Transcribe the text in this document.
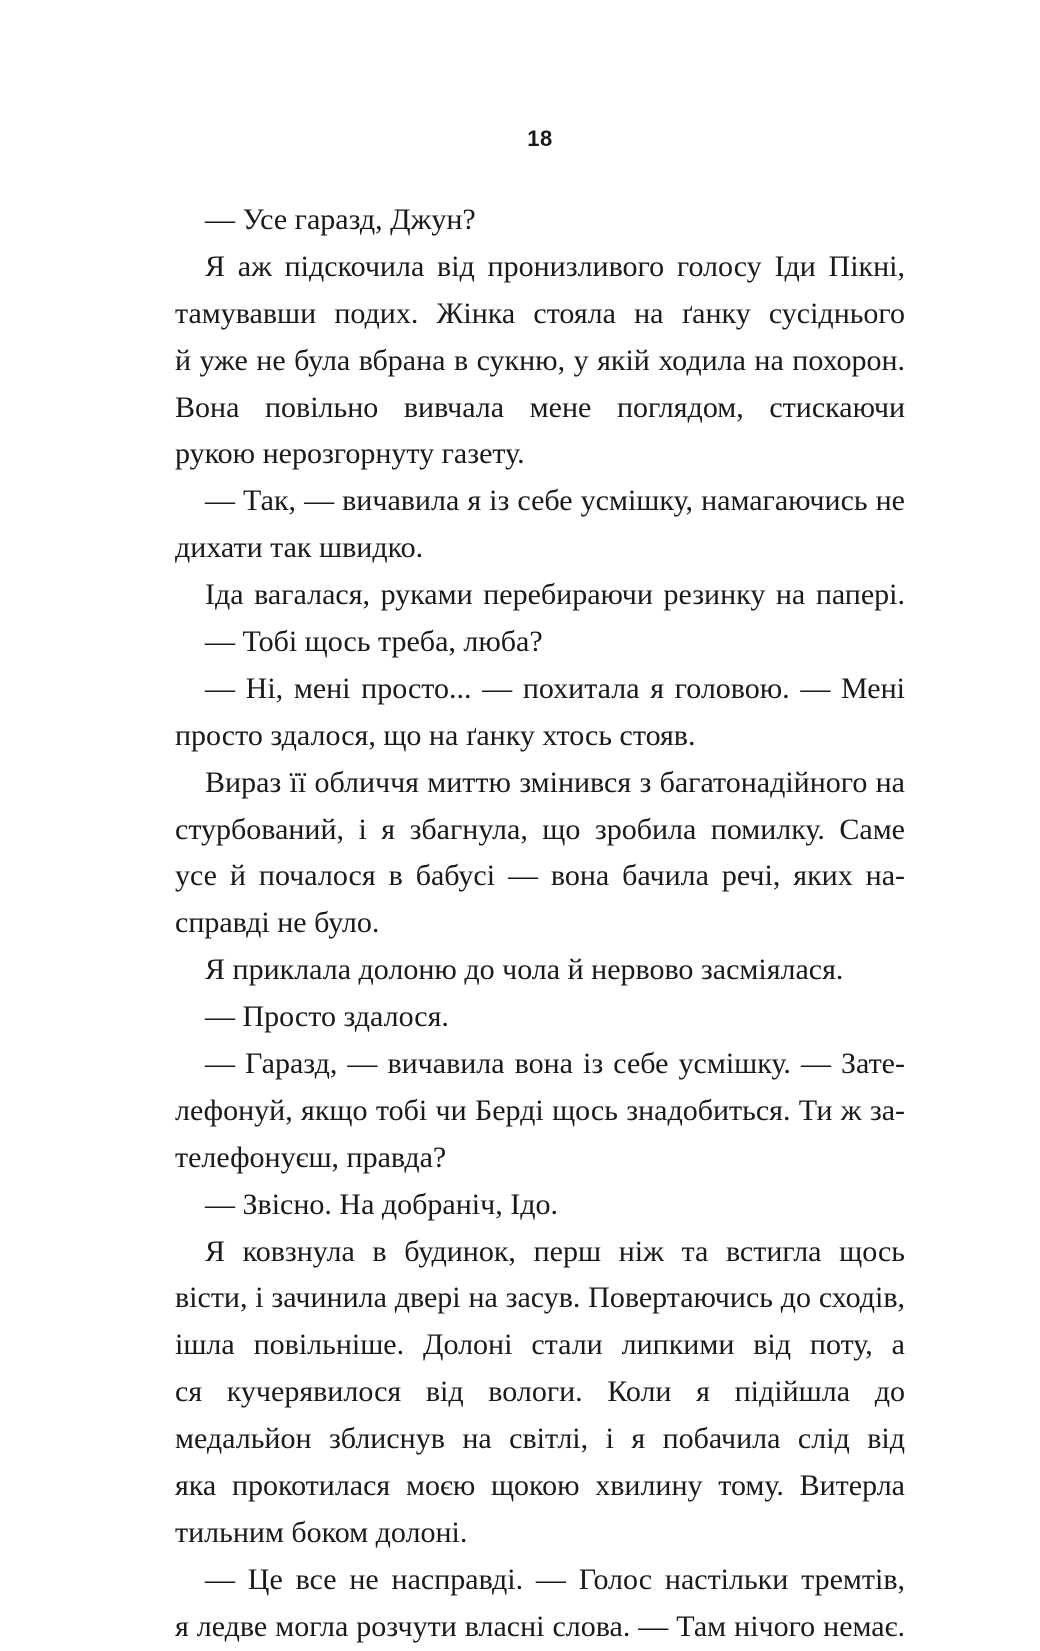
18
— Усе гаразд, Джун?
Я аж підскочила від пронизливого голосу Іди Пікні,
тамувавши подих. Жінка стояла на ґанку сусіднього
й уже не була вбрана в сукню, у якій ходила на похорон.
Вона повільно вивчала мене поглядом, стискаючи
рукою нерозгорнуту газету.
— Так, — вичавила я із себе усмішку, намагаючись не
дихати так швидко.
Іда вагалася, руками перебираючи резинку на папері.
— Тобі щось треба, люба?
— Ні, мені просто... — похитала я головою. — Мені
просто здалося, що на ґанку хтось стояв.
Вираз її обличчя миттю змінився з багатонадійного на
стурбований, і я збагнула, що зробила помилку. Саме
усе й почалося в бабусі — вона бачила речі, яких на-
справді не було.
Я приклала долоню до чола й нервово засміялася.
— Просто здалося.
— Гаразд, — вичавила вона із себе усмішку. — Зате-
лефонуй, якщо тобі чи Берді щось знадобиться. Ти ж за-
телефонуєш, правда?
— Звісно. На добраніч, Ідо.
Я ковзнула в будинок, перш ніж та встигла щось
вісти, і зачинила двері на засув. Повертаючись до сходів,
ішла повільніше. Долоні стали липкими від поту, а
ся кучерявилося від вологи. Коли я підійшла до
медальйон зблиснув на світлі, і я побачила слід від
яка прокотилася моєю щокою хвилину тому. Витерла
тильним боком долоні.
— Це все не насправді. — Голос настільки тремтів,
я ледве могла розчути власні слова. — Там нічого немає.
